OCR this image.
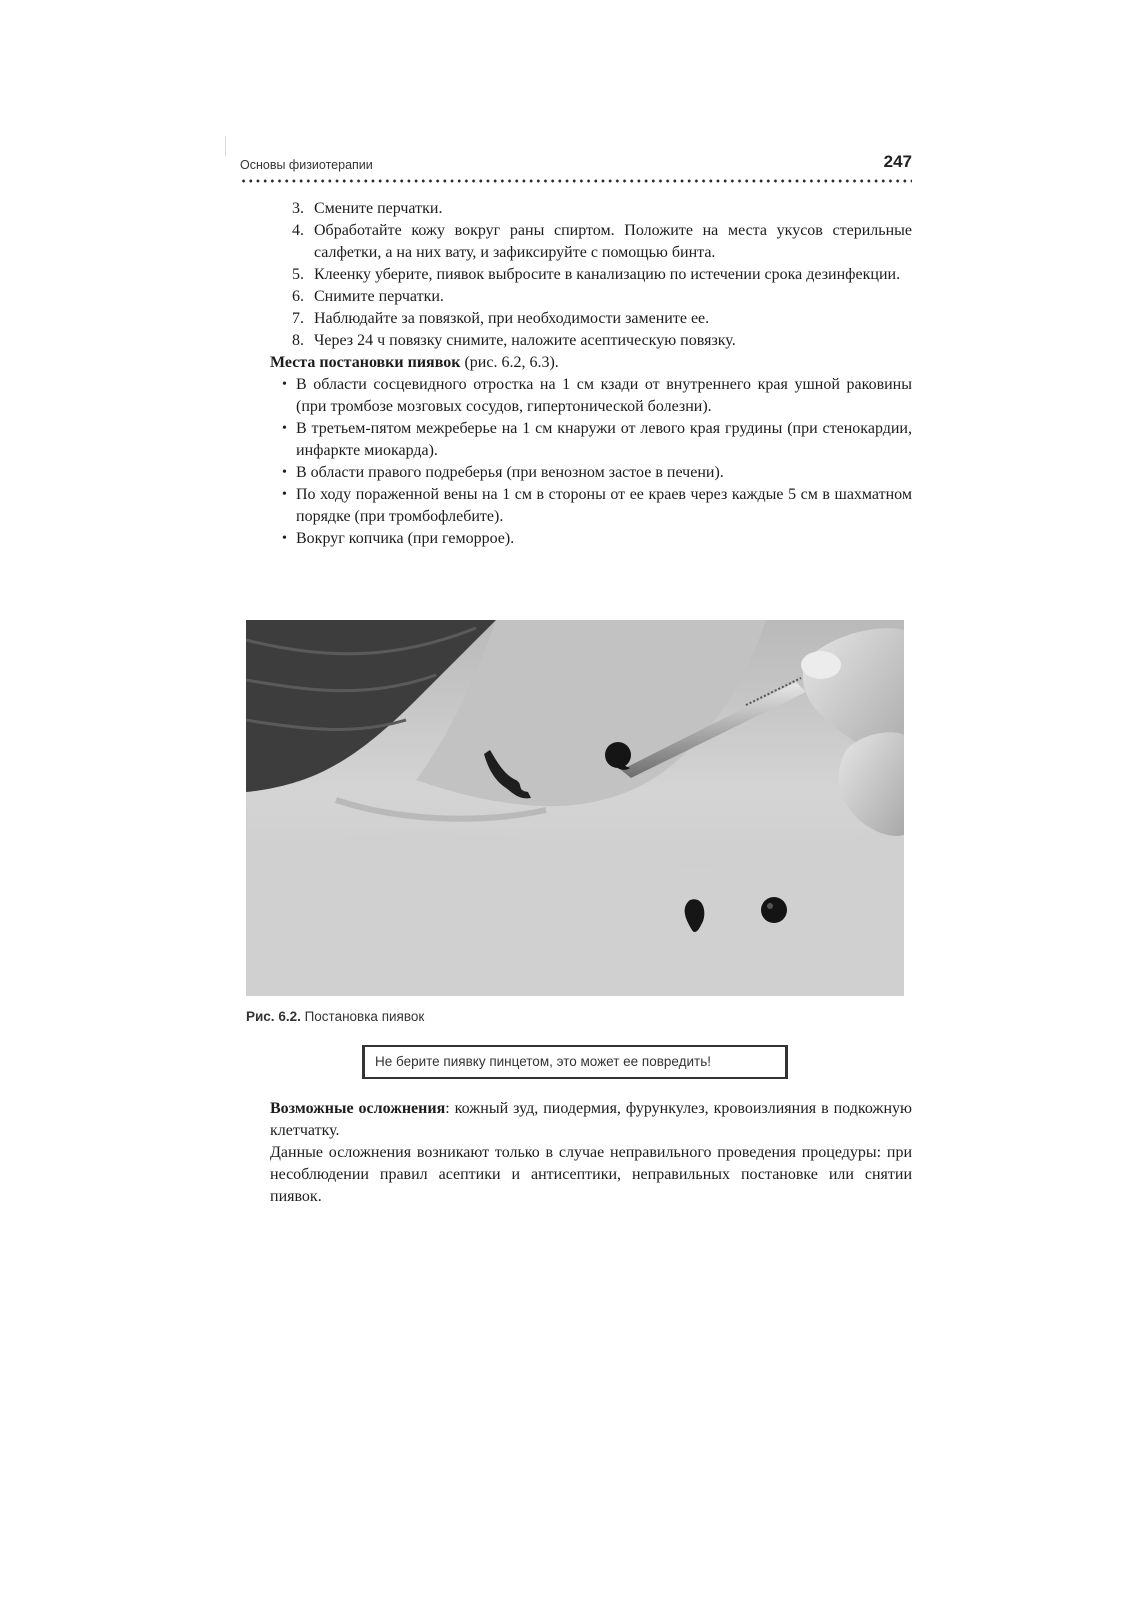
Основы физиотерапии	247
3. Смените перчатки.
4. Обработайте кожу вокруг раны спиртом. Положите на места укусов стерильные салфетки, а на них вату, и зафиксируйте с помощью бинта.
5. Клеенку уберите, пиявок выбросите в канализацию по истечении срока дезинфекции.
6. Снимите перчатки.
7. Наблюдайте за повязкой, при необходимости замените ее.
8. Через 24 ч повязку снимите, наложите асептическую повязку.

Места постановки пиявок (рис. 6.2, 6.3).

• В области сосцевидного отростка на 1 см кзади от внутреннего края ушной раковины (при тромбозе мозговых сосудов, гипертонической болезни).
• В третьем-пятом межреберье на 1 см кнаружи от левого края грудины (при стенокардии, инфаркте миокарда).
• В области правого подреберья (при венозном застое в печени).
• По ходу пораженной вены на 1 см в стороны от ее краев через каждые 5 см в шахматном порядке (при тромбофлебите).
• Вокруг копчика (при геморрое).
Рис. 6.2. Постановка пиявок
Не берите пиявку пинцетом, это может ее повредить!

Возможные осложнения: кожный зуд, пиодермия, фурункулез, кровоизлияния в подкожную клетчатку.

Данные осложнения возникают только в случае неправильного проведения процедуры: при несоблюдении правил асептики и антисептики, неправильных постановке или снятии пиявок.
